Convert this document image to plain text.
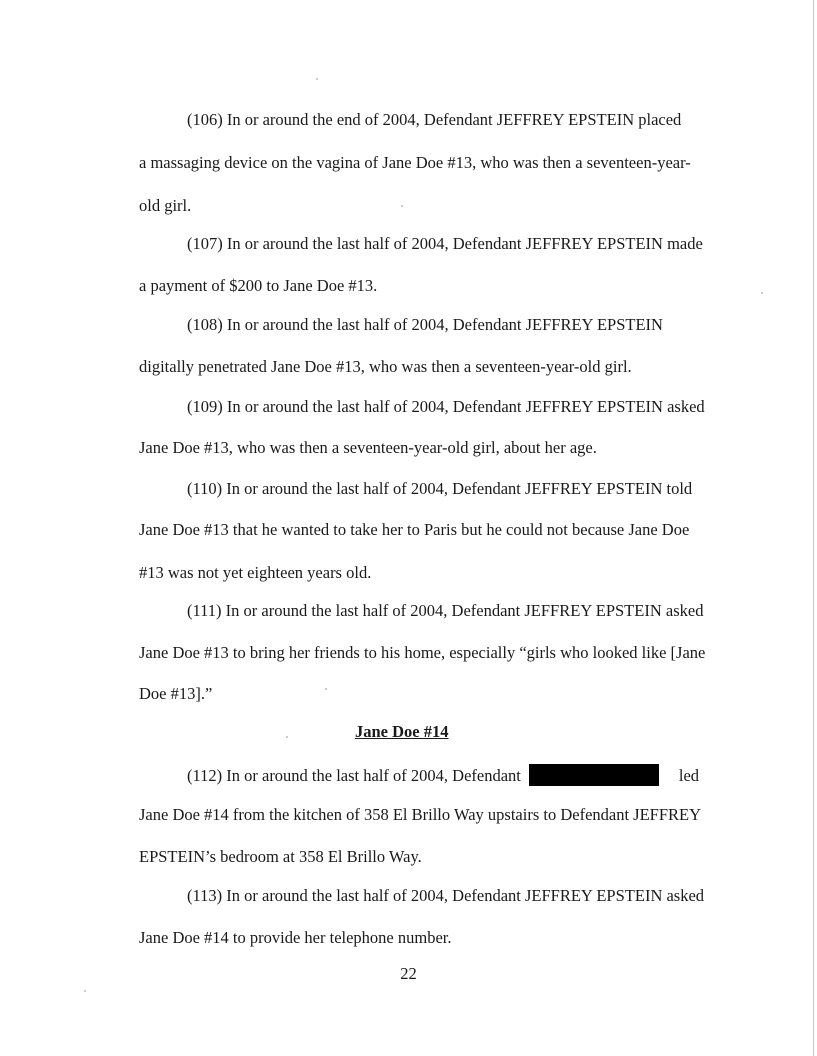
(106) In or around the end of 2004, Defendant JEFFREY EPSTEIN placed
a massaging device on the vagina of Jane Doe #13, who was then a seventeen-year-
old girl.
(107) In or around the last half of 2004, Defendant JEFFREY EPSTEIN made
a payment of $200 to Jane Doe #13.
(108) In or around the last half of 2004, Defendant JEFFREY EPSTEIN
digitally penetrated Jane Doe #13, who was then a seventeen-year-old girl.
(109) In or around the last half of 2004, Defendant JEFFREY EPSTEIN asked
Jane Doe #13, who was then a seventeen-year-old girl, about her age.
(110) In or around the last half of 2004, Defendant JEFFREY EPSTEIN told
Jane Doe #13 that he wanted to take her to Paris but he could not because Jane Doe
#13 was not yet eighteen years old.
(111) In or around the last half of 2004, Defendant JEFFREY EPSTEIN asked
Jane Doe #13 to bring her friends to his home, especially “girls who looked like [Jane
Doe #13].”
Jane Doe #14
(112) In or around the last half of 2004, Defendant	led
Jane Doe #14 from the kitchen of 358 El Brillo Way upstairs to Defendant JEFFREY
EPSTEIN’s bedroom at 358 El Brillo Way.
(113) In or around the last half of 2004, Defendant JEFFREY EPSTEIN asked
Jane Doe #14 to provide her telephone number.
22
